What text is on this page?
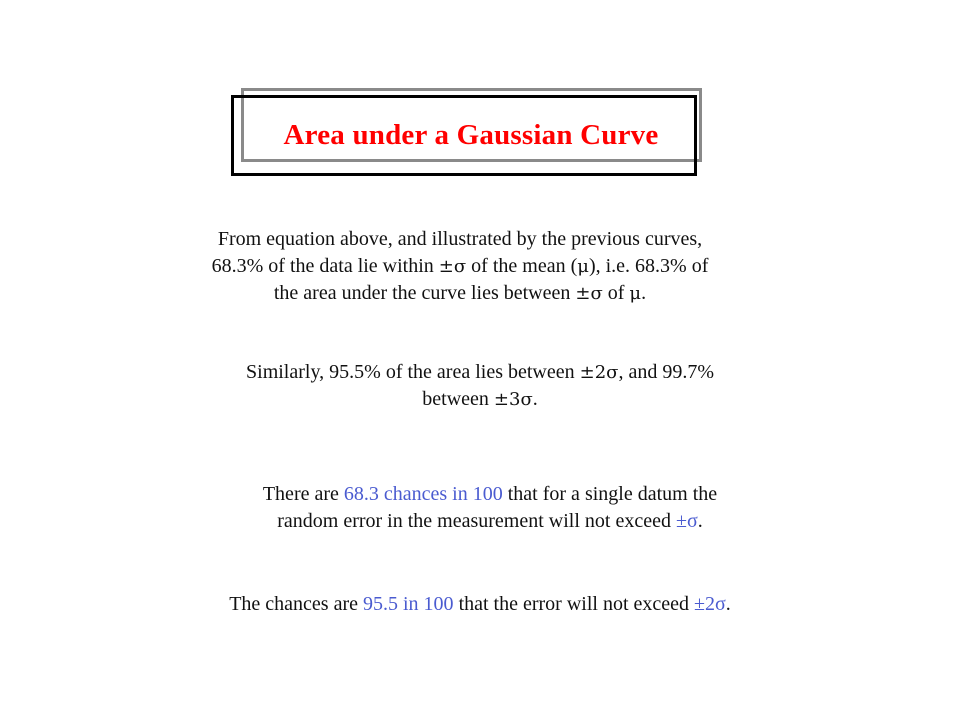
Area under a Gaussian Curve
From equation above, and illustrated by the previous curves,
68.3% of the data lie within ±σ of the mean (μ), i.e. 68.3% of
the area under the curve lies between ±σ of μ.
Similarly, 95.5% of the area lies between ±2σ, and 99.7%
between ±3σ.
There are 68.3 chances in 100 that for a single datum the
random error in the measurement will not exceed ±σ.
The chances are 95.5 in 100 that the error will not exceed ±2σ.
